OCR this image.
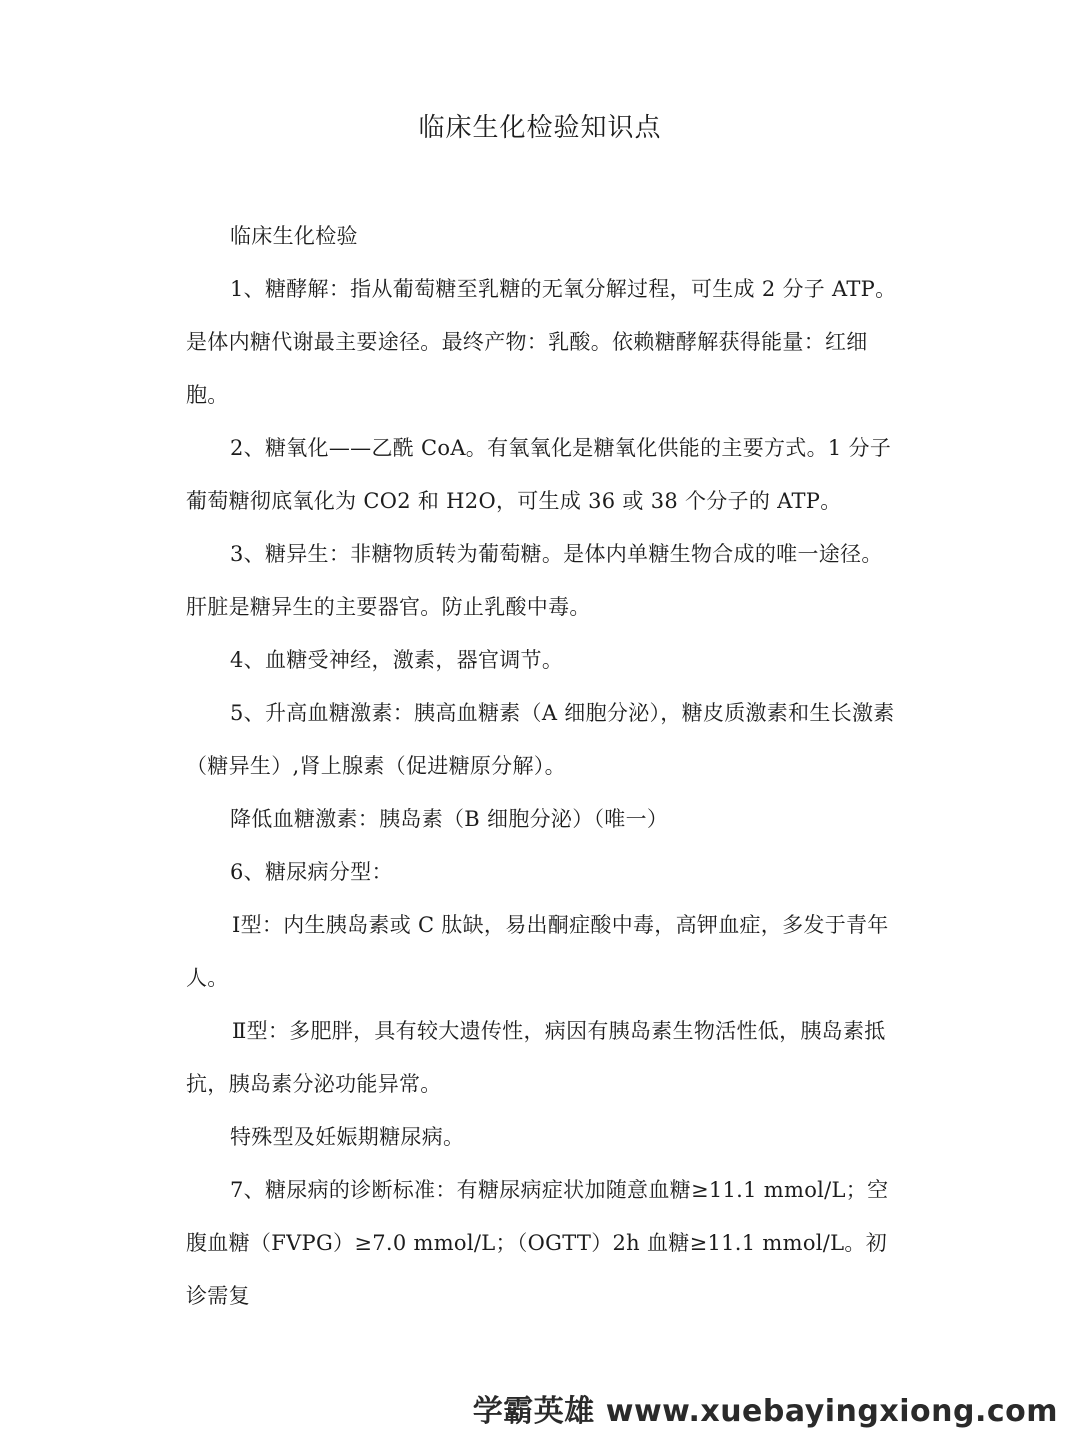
临床生化检验知识点

临床生化检验

1、糖酵解：指从葡萄糖至乳糖的无氧分解过程，可生成 2 分子 ATP。是体内糖代谢最主要途径。最终产物：乳酸。依赖糖酵解获得能量：红细胞。

2、糖氧化——乙酰 CoA。有氧氧化是糖氧化供能的主要方式。1 分子葡萄糖彻底氧化为 CO2 和 H2O，可生成 36 或 38 个分子的 ATP。

3、糖异生：非糖物质转为葡萄糖。是体内单糖生物合成的唯一途径。肝脏是糖异生的主要器官。防止乳酸中毒。

4、血糖受神经，激素，器官调节。

5、升高血糖激素：胰高血糖素（A 细胞分泌），糖皮质激素和生长激素（糖异生）,肾上腺素（促进糖原分解）。

降低血糖激素：胰岛素（B 细胞分泌）（唯一）

6、糖尿病分型：

Ⅰ型：内生胰岛素或 C 肽缺，易出酮症酸中毒，高钾血症，多发于青年人。

Ⅱ型：多肥胖，具有较大遗传性，病因有胰岛素生物活性低，胰岛素抵抗，胰岛素分泌功能异常。

特殊型及妊娠期糖尿病。

7、糖尿病的诊断标准：有糖尿病症状加随意血糖≥11.1 mmol/L；空腹血糖（FVPG）≥7.0 mmol/L；（OGTT）2h 血糖≥11.1 mmol/L。初诊需复

学霸英雄 www.xuebayingxiong.com
